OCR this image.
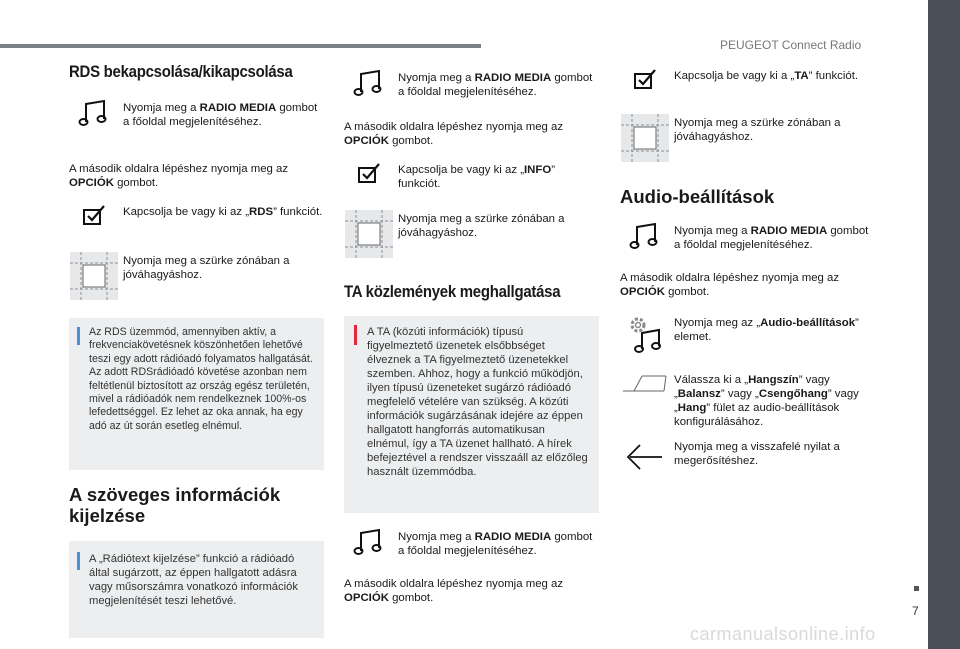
PEUGEOT Connect Radio
7
carmanualsonline.info
RDS bekapcsolása/kikapcsolása
Nyomja meg a RADIO MEDIA gombot a főoldal megjelenítéséhez.
A második oldalra lépéshez nyomja meg az OPCIÓK gombot.
Kapcsolja be vagy ki az „RDS” funkciót.
Nyomja meg a szürke zónában a jóváhagyáshoz.
Az RDS üzemmód, amennyiben aktív, a frekvenciakövetésnek köszönhetően lehetővé teszi egy adott rádióadó folyamatos hallgatását. Az adott RDSrádióadó követése azonban nem feltétlenül biztosított az ország egész területén, mivel a rádióadók nem rendelkeznek 100%-os lefedettséggel. Ez lehet az oka annak, ha egy adó az út során esetleg elnémul.
A szöveges információk kijelzése
A „Rádiótext kijelzése” funkció a rádióadó által sugárzott, az éppen hallgatott adásra vagy műsorszámra vonatkozó információk megjelenítését teszi lehetővé.
Nyomja meg a RADIO MEDIA gombot a főoldal megjelenítéséhez.
A második oldalra lépéshez nyomja meg az OPCIÓK gombot.
Kapcsolja be vagy ki az „INFO” funkciót.
Nyomja meg a szürke zónában a jóváhagyáshoz.
TA közlemények meghallgatása
A TA (közúti információk) típusú figyelmeztető üzenetek elsőbbséget élveznek a TA figyelmeztető üzenetekkel szemben. Ahhoz, hogy a funkció működjön, ilyen típusú üzeneteket sugárzó rádióadó megfelelő vételére van szükség. A közúti információk sugárzásának idejére az éppen hallgatott hangforrás automatikusan elnémul, így a TA üzenet hallható. A hírek befejeztével a rendszer visszaáll az előzőleg használt üzemmódba.
Nyomja meg a RADIO MEDIA gombot a főoldal megjelenítéséhez.
A második oldalra lépéshez nyomja meg az OPCIÓK gombot.
Kapcsolja be vagy ki a „TA” funkciót.
Nyomja meg a szürke zónában a jóváhagyáshoz.
Audio-beállítások
Nyomja meg a RADIO MEDIA gombot a főoldal megjelenítéséhez.
A második oldalra lépéshez nyomja meg az OPCIÓK gombot.
Nyomja meg az „Audio-beállítások” elemet.
Válassza ki a „Hangszín” vagy „Balansz” vagy „Csengőhang” vagy „Hang” fület az audio-beállítások konfigurálásához.
Nyomja meg a visszafelé nyilat a megerősítéshez.
